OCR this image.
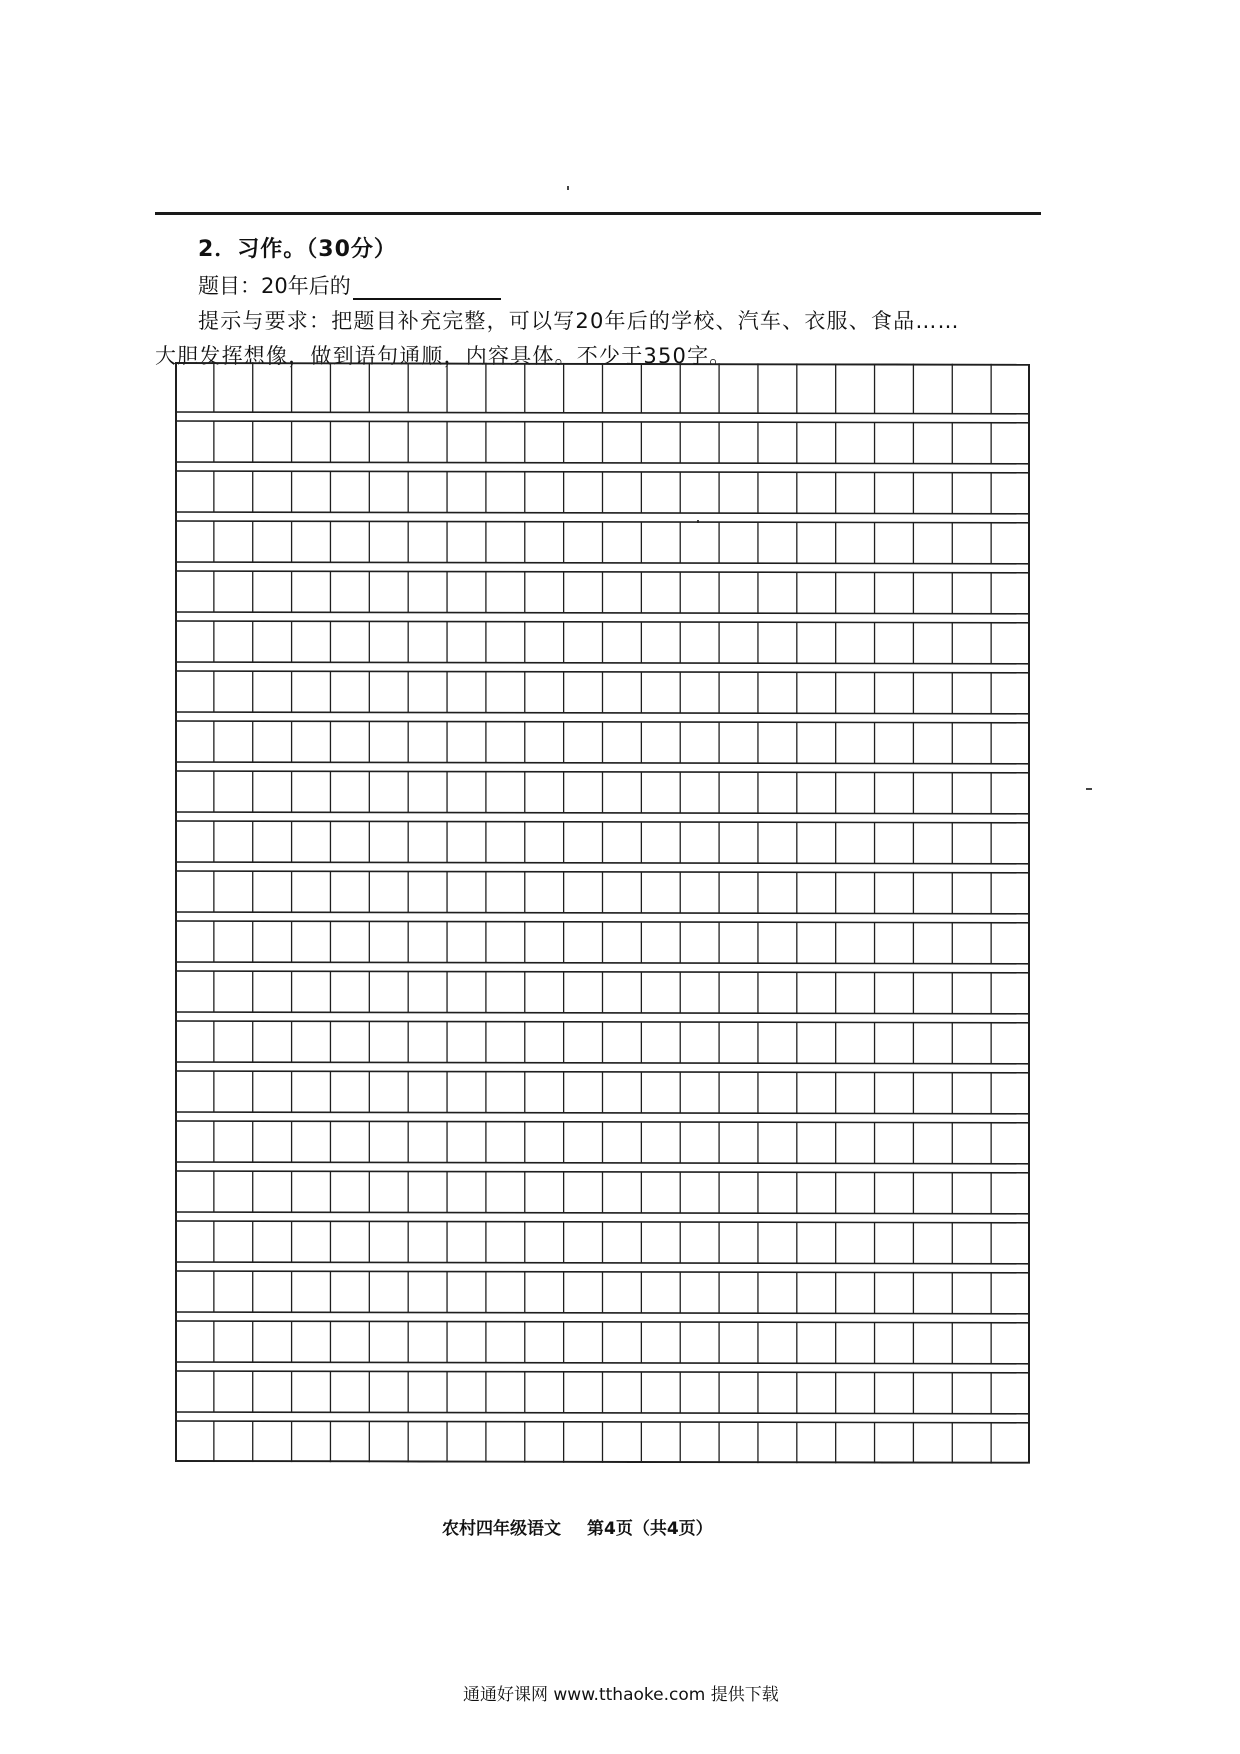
2．习作。（30分）
题目：20年后的
提示与要求：把题目补充完整，可以写20年后的学校、汽车、衣服、食品……
大胆发挥想像，做到语句通顺，内容具体。不少于350字。
农村四年级语文 第4页（共4页）
通通好课网 www.tthaoke.com 提供下载
